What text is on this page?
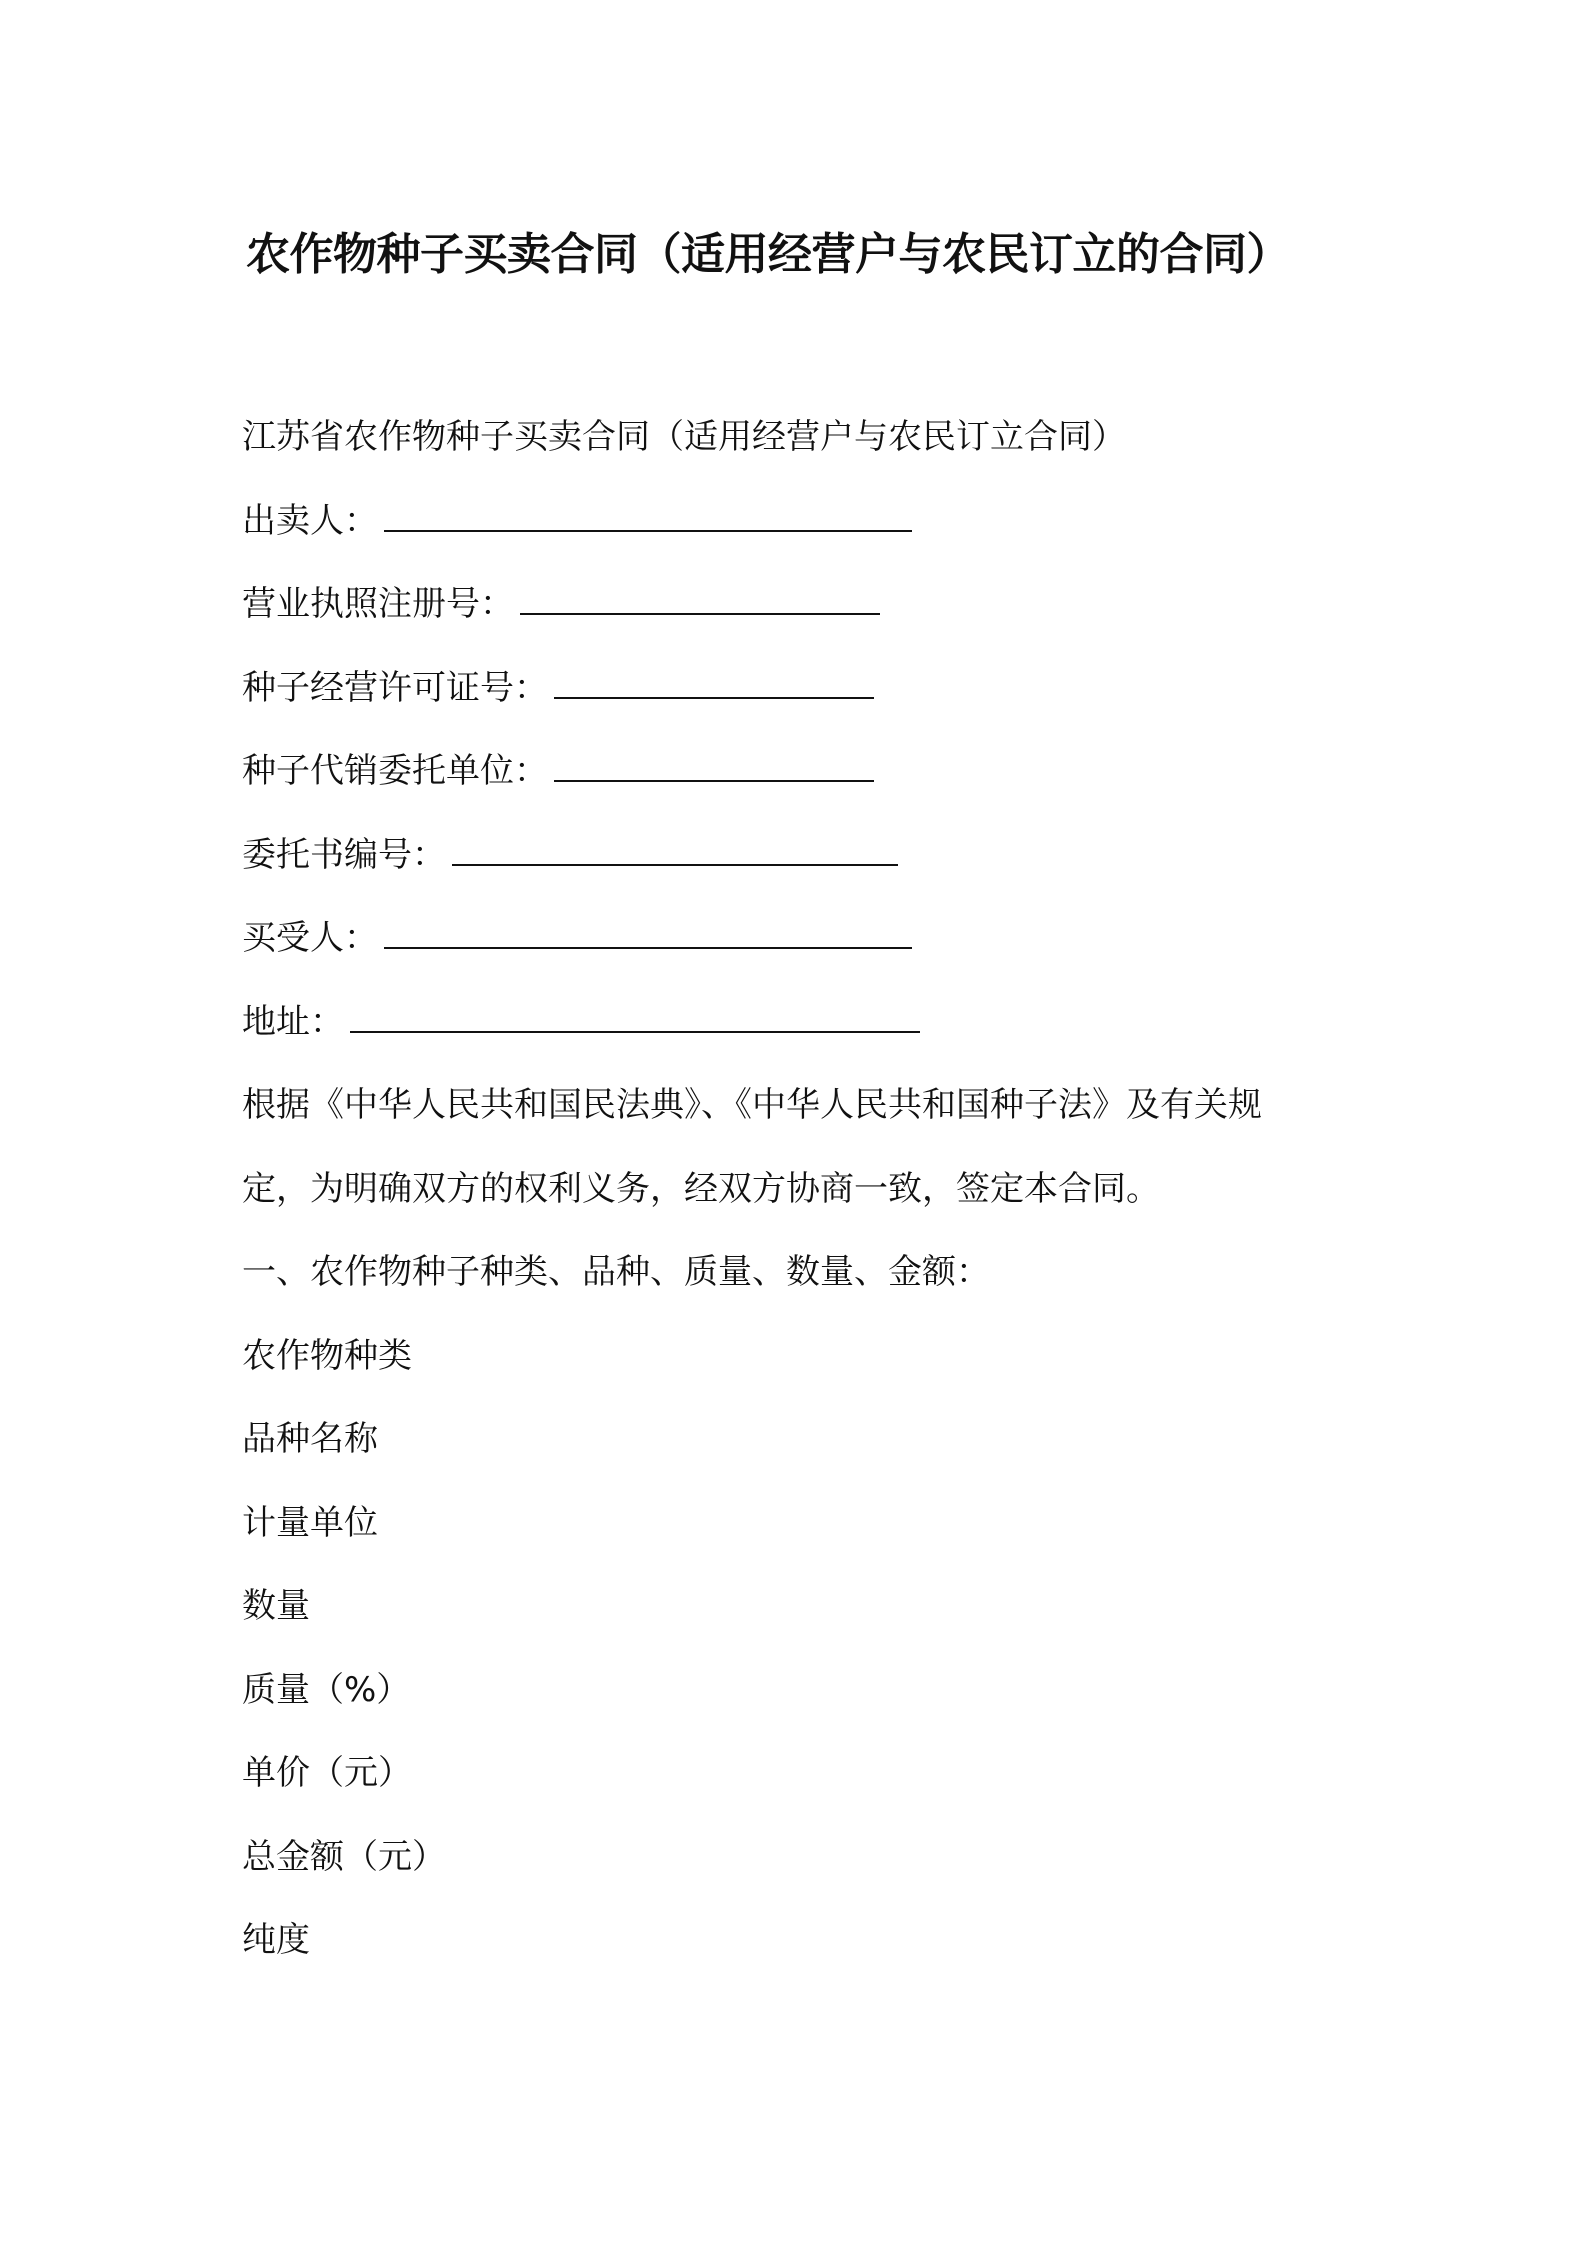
农作物种子买卖合同（适用经营户与农民订立的合同）

江苏省农作物种子买卖合同（适用经营户与农民订立合同）

出卖人：

营业执照注册号：

种子经营许可证号：

种子代销委托单位：

委托书编号：

买受人：

地址：

根据《中华人民共和国民法典》、《中华人民共和国种子法》及有关规

定，为明确双方的权利义务，经双方协商一致，签定本合同。

一、农作物种子种类、品种、质量、数量、金额：

农作物种类

品种名称

计量单位

数量

质量（%）

单价（元）

总金额（元）

纯度
